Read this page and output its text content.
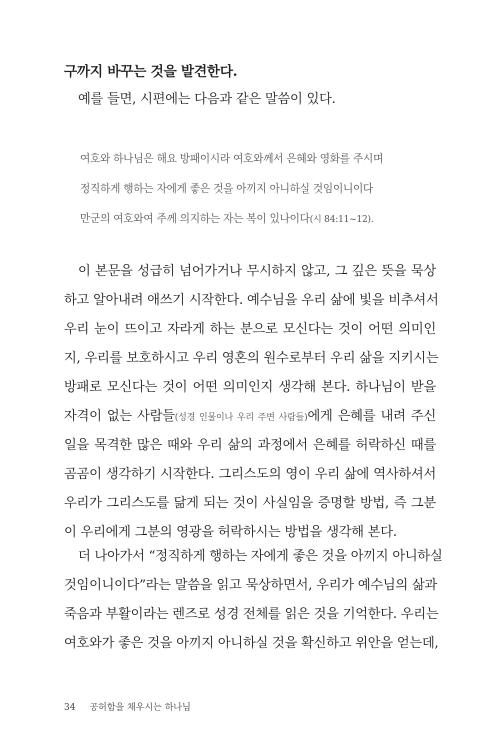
구까지 바꾸는 것을 발견한다.
예를 들면, 시편에는 다음과 같은 말씀이 있다.
여호와 하나님은 해요 방패이시라 여호와께서 은혜와 영화를 주시며
정직하게 행하는 자에게 좋은 것을 아끼지 아니하실 것임이니이다
만군의 여호와여 주께 의지하는 자는 복이 있나이다(시 84:11~12).
이 본문을 성급히 넘어가거나 무시하지 않고, 그 깊은 뜻을 묵상
하고 알아내려 애쓰기 시작한다. 예수님을 우리 삶에 빛을 비추셔서
우리 눈이 뜨이고 자라게 하는 분으로 모신다는 것이 어떤 의미인
지, 우리를 보호하시고 우리 영혼의 원수로부터 우리 삶을 지키시는
방패로 모신다는 것이 어떤 의미인지 생각해 본다. 하나님이 받을
자격이 없는 사람들(성경 인물이나 우리 주변 사람들)에게 은혜를 내려 주신
일을 목격한 많은 때와 우리 삶의 과정에서 은혜를 허락하신 때를
곰곰이 생각하기 시작한다. 그리스도의 영이 우리 삶에 역사하셔서
우리가 그리스도를 닮게 되는 것이 사실임을 증명할 방법, 즉 그분
이 우리에게 그분의 영광을 허락하시는 방법을 생각해 본다.
더 나아가서 “정직하게 행하는 자에게 좋은 것을 아끼지 아니하실
것임이니이다”라는 말씀을 읽고 묵상하면서, 우리가 예수님의 삶과
죽음과 부활이라는 렌즈로 성경 전체를 읽은 것을 기억한다. 우리는
여호와가 좋은 것을 아끼지 아니하실 것을 확신하고 위안을 얻는데,
34 공허함을 채우시는 하나님
